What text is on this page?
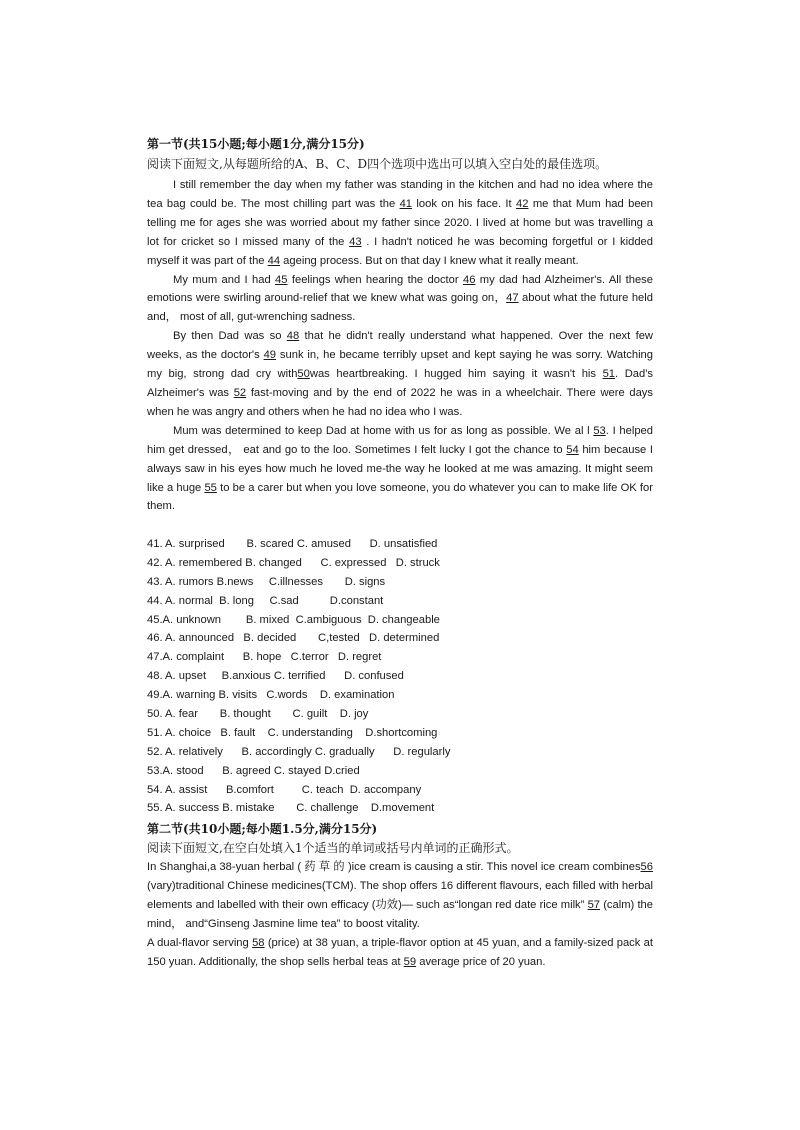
第一节(共15小题;每小题1分,满分15分)
阅读下面短文,从每题所给的A、B、C、D四个选项中选出可以填入空白处的最佳选项。

I still remember the day when my father was standing in the kitchen and had no idea where the tea bag could be. The most chilling part was the 41 look on his face. It 42 me that Mum had been telling me for ages she was worried about my father since 2020. I lived at home but was travelling a lot for cricket so I missed many of the 43 . I hadn't noticed he was becoming forgetful or I kidded myself it was part of the 44 ageing process. But on that day I knew what it really meant.

My mum and I had 45 feelings when hearing the doctor 46 my dad had Alzheimer's. All these emotions were swirling around-relief that we knew what was going on，47 about what the future held and， most of all, gut-wrenching sadness.

By then Dad was so 48 that he didn't really understand what happened. Over the next few weeks, as the doctor's 49 sunk in, he became terribly upset and kept saying he was sorry. Watching my big, strong dad cry with50was heartbreaking. I hugged him saying it wasn't his 51. Dad's Alzheimer's was 52 fast-moving and by the end of 2022 he was in a wheelchair. There were days when he was angry and others when he had no idea who I was.

Mum was determined to keep Dad at home with us for as long as possible. We al l 53. I helped him get dressed， eat and go to the loo. Sometimes I felt lucky I got the chance to 54 him because I always saw in his eyes how much he loved me-the way he looked at me was amazing. It might seem like a huge 55 to be a carer but when you love someone, you do whatever you can to make life OK for them.

41. A. surprised       B. scared C. amused      D. unsatisfied
42. A. remembered B. changed      C. expressed   D. struck
43. A. rumors B.news     C.illnesses       D. signs
44. A. normal  B. long     C.sad          D.constant
45.A. unknown        B. mixed  C.ambiguous  D. changeable
46. A. announced   B. decided       C,tested   D. determined
47.A. complaint      B. hope   C.terror   D. regret
48. A. upset     B.anxious C. terrified      D. confused
49.A. warning B. visits   C.words    D. examination
50. A. fear       B. thought       C. guilt    D. joy
51. A. choice   B. fault    C. understanding    D.shortcoming
52. A. relatively      B. accordingly C. gradually      D. regularly
53.A. stood      B. agreed C. stayed D.cried
54. A. assist      B.comfort         C. teach  D. accompany
55. A. success B. mistake       C. challenge    D.movement
第二节(共10小题;每小题1.5分,满分15分)
阅读下面短文,在空白处填入1个适当的单词或括号内单词的正确形式。

In Shanghai,a 38-yuan herbal ( 药 草 的 )ice cream is causing a stir. This novel ice cream combines56 (vary)traditional Chinese medicines(TCM). The shop offers 16 different flavours, each filled with herbal elements and labelled with their own efficacy (功效)— such as“longan red date rice milk” 57 (calm) the mind， and“Ginseng Jasmine lime tea” to boost vitality.

A dual-flavor serving 58 (price) at 38 yuan, a triple-flavor option at 45 yuan, and a family-sized pack at 150 yuan. Additionally, the shop sells herbal teas at 59 average price of 20 yuan.
